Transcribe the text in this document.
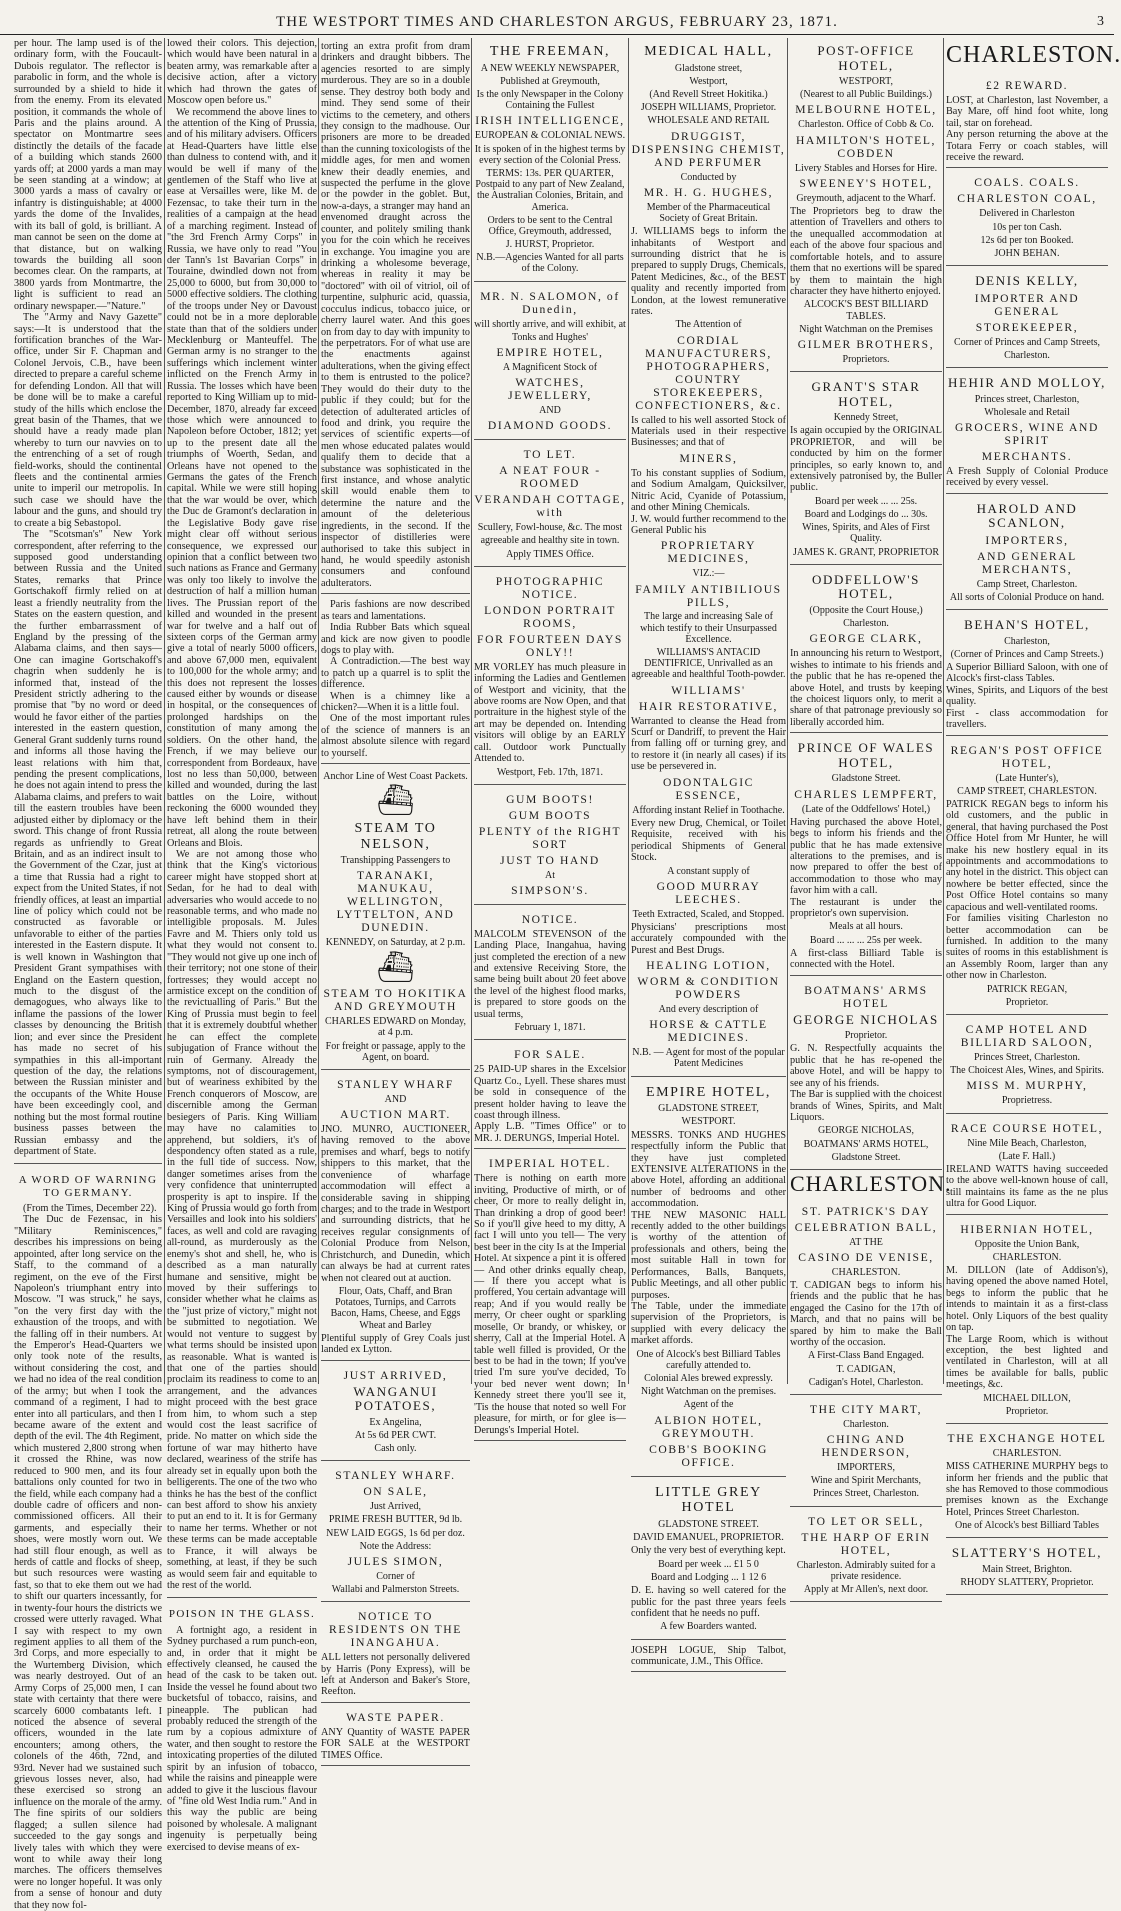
THE WESTPORT TIMES AND CHARLESTON ARGUS, FEBRUARY 23, 1871.	3

per hour. The lamp used is of the ordinary form, with the Foucault-Dubois regulator. The reflector is parabolic in form, and the whole is surrounded by a shield to hide it from the enemy. From its elevated position, it commands the whole of Paris and the plains around. A spectator on Montmartre sees distinctly the details of the facade of a building which stands 2600 yards off; at 2000 yards a man may be seen standing at a window; at 3000 yards a mass of cavalry or infantry is distinguishable; at 4000 yards the dome of the Invalides, with its ball of gold, is brilliant. A man cannot be seen on the dome at that distance, but on walking towards the building all soon becomes clear. On the ramparts, at 3800 yards from Montmartre, the light is sufficient to read an ordinary newspaper.—"Nature."

The "Army and Navy Gazette" says:—It is understood that the fortification branches of the War-office, under Sir F. Chapman and Colonel Jervois, C.B., have been directed to prepare a careful scheme for defending London. All that will be done will be to make a careful study of the hills which enclose the great basin of the Thames, that we should have a ready made plan whereby to turn our navvies on to the entrenching of a set of rough field-works, should the continental fleets and the continental armies unite to imperil our metropolis. In such case we should have the labour and the guns, and should try to create a big Sebastopol.

The "Scotsman's" New York correspondent, after referring to the supposed good understanding between Russia and the United States, remarks that Prince Gortschakoff firmly relied on at least a friendly neutrality from the States on the eastern question, and the further embarrassment of England by the pressing of the Alabama claims, and then says—One can imagine Gortschakoff's chagrin when suddenly he is informed that, instead of the President strictly adhering to the promise that "by no word or deed would he favor either of the parties interested in the eastern question, General Grant suddenly turns round and informs all those having the least relations with him that, pending the present complications, he does not again intend to press the Alabama claims, and prefers to wait till the eastern troubles have been adjusted either by diplomacy or the sword. This change of front Russia regards as unfriendly to Great Britain, and as an indirect insult to the Government of the Czar, just at a time that Russia had a right to expect from the United States, if not friendly offices, at least an impartial line of policy which could not be constructed as favorable or unfavorable to either of the parties interested in the Eastern dispute. It is well known in Washington that President Grant sympathises with England on the Eastern question, much to the disgust of the demagogues, who always like to inflame the passions of the lower classes by denouncing the British lion; and ever since the President has made no secret of his sympathies in this all-important question of the day, the relations between the Russian minister and the occupants of the White House have been exceedingly cool, and nothing but the most formal routine business passes between the Russian embassy and the department of State.

A WORD OF WARNING TO GERMANY.

(From the Times, December 22).

The Duc de Fezensac, in his "Military Reminiscences," describes his impressions on being appointed, after long service on the Staff, to the command of a regiment, on the eve of the First Napoleon's triumphant entry into Moscow. "I was struck," he says, "on the very first day with the exhaustion of the troops, and with the falling off in their numbers. At the Emperor's Head-Quarters we only took note of the results, without considering the cost, and we had no idea of the real condition of the army; but when I took the command of a regiment, I had to enter into all particulars, and then I became aware of the extent and depth of the evil. The 4th Regiment, which mustered 2,800 strong when it crossed the Rhine, was now reduced to 900 men, and its four battalions only counted for two in the field, while each company had a double cadre of officers and non-commissioned officers. All their garments, and especially their shoes, were mostly worn out. We had still flour enough, as well as herds of cattle and flocks of sheep, but such resources were wasting fast, so that to eke them out we had to shift our quarters incessantly, for in twenty-four hours the districts we crossed were utterly ravaged. What I say with respect to my own regiment applies to all them of the 3rd Corps, and more especially to the Wurtemberg Division, which was nearly destroyed. Out of an Army Corps of 25,000 men, I can state with certainty that there were scarcely 6000 combatants left. I noticed the absence of several officers, wounded in the late encounters; among others, the colonels of the 46th, 72nd, and 93rd. Never had we sustained such grievous losses never, also, had these exercised so strong an influence on the morale of the army. The fine spirits of our soldiers flagged; a sullen silence had succeeded to the gay songs and lively tales with which they were wont to while away their long marches. The officers themselves were no longer hopeful. It was only from a sense of honour and duty that they now fol-

lowed their colors. This dejection, which would have been natural in a beaten army, was remarkable after a decisive action, after a victory which had thrown the gates of Moscow open before us."

We recommend the above lines to the attention of the King of Prussia, and of his military advisers. Officers at Head-Quarters have little else than dulness to contend with, and it would be well if many of the gentlemen of the Staff who live at ease at Versailles were, like M. de Fezensac, to take their turn in the realities of a campaign at the head of a marching regiment. Instead of "the 3rd French Army Corps" in Russia, we have only to read "You der Tann's 1st Bavarian Corps" in Touraine, dwindled down not from 25,000 to 6000, but from 30,000 to 5000 effective soldiers. The clothing of the troops under Ney or Davoust could not be in a more deplorable state than that of the soldiers under Mecklenburg or Manteuffel. The German army is no stranger to the sufferings which inclement winter inflicted on the French Army in Russia. The losses which have been reported to King William up to mid-December, 1870, already far exceed those which were announced to Napoleon before October, 1812; yet up to the present date all the triumphs of Woerth, Sedan, and Orleans have not opened to the Germans the gates of the French capital. While we were still hoping that the war would be over, which the Duc de Gramont's declaration in the Legislative Body gave rise might clear off without serious consequence, we expressed our opinion that a conflict between two such nations as France and Germany was only too likely to involve the destruction of half a million human lives. The Prussian report of the killed and wounded in the present war for twelve and a half out of sixteen corps of the German army give a total of nearly 5000 officers, and above 67,000 men, equivalent to 100,000 for the whole army; and this does not represent the losses caused either by wounds or disease in hospital, or the consequences of prolonged hardships on the constitution of many among the soldiers. On the other hand, the French, if we may believe our correspondent from Bordeaux, have lost no less than 50,000, between killed and wounded, during the last battles on the Loire, without reckoning the 6000 wounded they have left behind them in their retreat, all along the route between Orleans and Blois.

We are not among those who think that the King's victorious career might have stopped short at Sedan, for he had to deal with adversaries who would accede to no reasonable terms, and who made no intelligible proposals. M. Jules Favre and M. Thiers only told us what they would not consent to. "They would not give up one inch of their territory; not one stone of their fortresses; they would accept no armistice except on the condition of the revictualling of Paris." But the King of Prussia must begin to feel that it is extremely doubtful whether he can effect the complete subjugation of France without the ruin of Germany. Already the symptoms, not of discouragement, but of weariness exhibited by the French conquerors of Moscow, are discernible among the German besiegers of Paris. King William may have no calamities to apprehend, but soldiers, it's of despondency often stated as a rule, in the full tide of success. Now, danger sometimes arises from the very confidence that uninterrupted prosperity is apt to inspire. If the King of Prussia would go forth from Versailles and look into his soldiers' faces, as well and cold are ravaging all-round, as murderously as the enemy's shot and shell, he, who is described as a man naturally humane and sensitive, might be moved by their sufferings to consider whether what he claims as the "just prize of victory," might not be submitted to negotiation. We would not venture to suggest by what terms should be insisted upon as reasonable. What is wanted is that one of the parties should proclaim its readiness to come to an arrangement, and the advances might proceed with the best grace from him, to whom such a step would cost the least sacrifice of pride. No matter on which side the fortune of war may hitherto have declared, weariness of the strife has already set in equally upon both the belligerents. The one of the two who thinks he has the best of the conflict can best afford to show his anxiety to put an end to it. It is for Germany to name her terms. Whether or not these terms can be made acceptable to France, it will always be something, at least, if they be such as would seem fair and equitable to the rest of the world.

POISON IN THE GLASS.

A fortnight ago, a resident in Sydney purchased a rum punch-eon, and, in order that it might be effectively cleansed, he caused the head of the cask to be taken out. Inside the vessel he found about two bucketsful of tobacco, raisins, and pineapple. The publican had probably reduced the strength of the rum by a copious admixture of water, and then sought to restore the intoxicating properties of the diluted spirit by an infusion of tobacco, while the raisins and pineapple were added to give it the luscious flavour of "fine old West India rum." And in this way the public are being poisoned by wholesale. A malignant ingenuity is perpetually being exercised to devise means of ex-

torting an extra profit from dram drinkers and draught bibbers. The agencies resorted to are simply murderous. They are so in a double sense. They destroy both body and mind. They send some of their victims to the cemetery, and others they consign to the madhouse. Our prisoners are more to be dreaded than the cunning toxicologists of the middle ages, for men and women knew their deadly enemies, and suspected the perfume in the glove or the powder in the goblet. But, now-a-days, a stranger may hand an envenomed draught across the counter, and politely smiling thank you for the coin which he receives in exchange. You imagine you are drinking a wholesome beverage, whereas in reality it may be "doctored" with oil of vitriol, oil of turpentine, sulphuric acid, quassia, cocculus indicus, tobacco juice, or cherry laurel water. And this goes on from day to day with impunity to the perpetrators. For of what use are the enactments against adulterations, when the giving effect to them is entrusted to the police? They would do their duty to the public if they could; but for the detection of adulterated articles of food and drink, you require the services of scientific experts—of men whose educated palates would qualify them to decide that a substance was sophisticated in the first instance, and whose analytic skill would enable them to determine the nature and the amount of the deleterious ingredients, in the second. If the inspector of distilleries were authorised to take this subject in hand, he would speedily astonish consumers and confound adulterators.

Paris fashions are now described as tears and lamentations.

India Rubber Bats which squeal and kick are now given to poodle dogs to play with.

A Contradiction.—The best way to patch up a quarrel is to split the difference.

When is a chimney like a chicken?—When it is a little foul.

One of the most important rules of the science of manners is an almost absolute silence with regard to yourself.

Anchor Line of West Coast Packets.
⛴
STEAM TO NELSON,
Transhipping Passengers to
TARANAKI, MANUKAU, WELLINGTON, LYTTELTON, AND DUNEDIN.
KENNEDY, on Saturday, at 2 p.m.
⛴
STEAM TO HOKITIKA AND GREYMOUTH
CHARLES EDWARD on Monday, at 4 p.m.
For freight or passage, apply to the Agent, on board.
STANLEY WHARF
AND
AUCTION MART.

JNO. MUNRO, AUCTIONEER, having removed to the above premises and wharf, begs to notify shippers to this market, that the convenience of wharfage accommodation will effect a considerable saving in shipping charges; and to the trade in Westport and surrounding districts, that he receives regular consignments of Colonial Produce from Nelson, Christchurch, and Dunedin, which can always be had at current rates when not cleared out at auction.

Flour, Oats, Chaff, and Bran Potatoes, Turnips, and Carrots Bacon, Hams, Cheese, and Eggs Wheat and Barley

Plentiful supply of Grey Coals just landed ex Lytton.

JUST ARRIVED,
WANGANUI POTATOES,
Ex Angelina,
At 5s 6d PER CWT.
Cash only.
STANLEY WHARF.
ON SALE,
Just Arrived,
PRIME FRESH BUTTER, 9d lb.
NEW LAID EGGS, 1s 6d per doz.
Note the Address:
JULES SIMON,
Corner of
Wallabi and Palmerston Streets.
NOTICE TO RESIDENTS ON THE INANGAHUA.

ALL letters not personally delivered by Harris (Pony Express), will be left at Anderson and Baker's Store, Reefton.

WASTE PAPER.

ANY Quantity of WASTE PAPER FOR SALE at the WESTPORT TIMES Office.

THE FREEMAN,
A NEW WEEKLY NEWSPAPER,
Published at Greymouth,
Is the only Newspaper in the Colony Containing the Fullest
IRISH INTELLIGENCE,
EUROPEAN & COLONIAL NEWS.
It is spoken of in the highest terms by every section of the Colonial Press.
TERMS: 13s. PER QUARTER, Postpaid to any part of New Zealand, the Australian Colonies, Britain, and America.
Orders to be sent to the Central Office, Greymouth, addressed,
J. HURST, Proprietor.
N.B.—Agencies Wanted for all parts of the Colony.
MR. N. SALOMON, of Dunedin,
will shortly arrive, and will exhibit, at
Tonks and Hughes'
EMPIRE HOTEL,
A Magnificent Stock of
WATCHES, JEWELLERY,
AND
DIAMOND GOODS.
TO LET.
A NEAT FOUR - ROOMED
VERANDAH COTTAGE, with
Scullery, Fowl-house, &c. The most
agreeable and healthy site in town.
Apply TIMES Office.
PHOTOGRAPHIC NOTICE.
LONDON PORTRAIT ROOMS,
FOR FOURTEEN DAYS ONLY!!

MR VORLEY has much pleasure in informing the Ladies and Gentlemen of Westport and vicinity, that the above rooms are Now Open, and that portraiture in the highest style of the art may be depended on. Intending visitors will oblige by an EARLY call. Outdoor work Punctually Attended to.

Westport, Feb. 17th, 1871.
GUM BOOTS!
GUM BOOTS
PLENTY of the RIGHT SORT
JUST TO HAND
At
SIMPSON'S.
NOTICE.

MALCOLM STEVENSON of the Landing Place, Inangahua, having just completed the erection of a new and extensive Receiving Store, the same being built about 20 feet above the level of the highest flood marks, is prepared to store goods on the usual terms,

February 1, 1871.
FOR SALE.

25 PAID-UP shares in the Excelsior Quartz Co., Lyell. These shares must be sold in consequence of the present holder having to leave the coast through illness.

Apply L.B. "Times Office" or to MR. J. DERUNGS, Imperial Hotel.

IMPERIAL HOTEL.

There is nothing on earth more inviting, Productive of mirth, or of cheer, Or more to really delight in, Than drinking a drop of good beer! So if you'll give heed to my ditty, A fact I will unto you tell— The very best beer in the city Is at the Imperial Hotel. At sixpence a pint it is offered— And other drinks equally cheap,— If there you accept what is proffered, You certain advantage will reap; And if you would really be merry, Or cheer ought or sparkling moselle, Or brandy, or whiskey, or sherry, Call at the Imperial Hotel. A table well filled is provided, Or the best to be had in the town; If you've tried I'm sure you've decided, To your bed never went down; In Kennedy street there you'll see it, 'Tis the house that noted so well For pleasure, for mirth, or for glee is— Derungs's Imperial Hotel.

MEDICAL HALL,
Gladstone street,
Westport,
(And Revell Street Hokitika.)
JOSEPH WILLIAMS, Proprietor.
WHOLESALE AND RETAIL
DRUGGIST, DISPENSING CHEMIST, AND PERFUMER
Conducted by
MR. H. G. HUGHES,
Member of the Pharmaceutical Society of Great Britain.

J. WILLIAMS begs to inform the inhabitants of Westport and surrounding district that he is prepared to supply Drugs, Chemicals, Patent Medicines, &c., of the BEST quality and recently imported from London, at the lowest remunerative rates.

The Attention of
CORDIAL MANUFACTURERS, PHOTOGRAPHERS, COUNTRY STOREKEEPERS, CONFECTIONERS, &c.

Is called to his well assorted Stock of Materials used in their respective Businesses; and that of

MINERS,

To his constant supplies of Sodium, and Sodium Amalgam, Quicksilver, Nitric Acid, Cyanide of Potassium, and other Mining Chemicals.

J. W. would further recommend to the General Public his

PROPRIETARY MEDICINES,
VIZ.:—
FAMILY ANTIBILIOUS PILLS,
The large and increasing Sale of which testify to their Unsurpassed Excellence.
WILLIAMS'S ANTACID DENTIFRICE, Unrivalled as an agreeable and healthful Tooth-powder.
WILLIAMS'
HAIR RESTORATIVE,

Warranted to cleanse the Head from Scurf or Dandriff, to prevent the Hair from falling off or turning grey, and to restore it (in nearly all cases) if its use be persevered in.

ODONTALGIC ESSENCE,
Affording instant Relief in Toothache.

Every new Drug, Chemical, or Toilet Requisite, received with his periodical Shipments of General Stock.

A constant supply of
GOOD MURRAY LEECHES.
Teeth Extracted, Scaled, and Stopped.

Physicians' prescriptions most accurately compounded with the Purest and Best Drugs.

HEALING LOTION,
WORM & CONDITION POWDERS
And every description of
HORSE & CATTLE MEDICINES.
N.B. — Agent for most of the popular Patent Medicines
EMPIRE HOTEL,
GLADSTONE STREET,
WESTPORT.

MESSRS. TONKS AND HUGHES respectfully inform the Public that they have just completed EXTENSIVE ALTERATIONS in the above Hotel, affording an additional number of bedrooms and other accommodation.

THE NEW MASONIC HALL recently added to the other buildings is worthy of the attention of professionals and others, being the most suitable Hall in town for Performances, Balls, Banquets, Public Meetings, and all other public purposes.

The Table, under the immediate supervision of the Proprietors, is supplied with every delicacy the market affords.

One of Alcock's best Billiard Tables carefully attended to.
Colonial Ales brewed expressly.
Night Watchman on the premises.
Agent of the
ALBION HOTEL, GREYMOUTH.
COBB'S BOOKING OFFICE.
LITTLE GREY HOTEL
GLADSTONE STREET.
DAVID EMANUEL, PROPRIETOR.

Only the very best of everything kept.

Board per week ... £1 5 0
Board and Lodging ... 1 12 6

D. E. having so well catered for the public for the past three years feels confident that he needs no puff.

A few Boarders wanted.

JOSEPH LOGUE, Ship Talbot, communicate, J.M., This Office.

POST-OFFICE HOTEL,
WESTPORT,
(Nearest to all Public Buildings.)
MELBOURNE HOTEL,
Charleston. Office of Cobb & Co.
HAMILTON'S HOTEL, COBDEN
Livery Stables and Horses for Hire.
SWEENEY'S HOTEL,
Greymouth, adjacent to the Wharf.

The Proprietors beg to draw the attention of Travellers and others to the unequalled accommodation at each of the above four spacious and comfortable hotels, and to assure them that no exertions will be spared by them to maintain the high character they have hitherto enjoyed.

ALCOCK'S BEST BILLIARD TABLES.
Night Watchman on the Premises
GILMER BROTHERS,
Proprietors.
GRANT'S STAR HOTEL,
Kennedy Street,

Is again occupied by the ORIGINAL PROPRIETOR, and will be conducted by him on the former principles, so early known to, and extensively patronised by, the Buller public.

Board per week ... ... 25s.
Board and Lodgings do ... 30s.
Wines, Spirits, and Ales of First Quality.
JAMES K. GRANT, PROPRIETOR
ODDFELLOW'S HOTEL,
(Opposite the Court House,)
Charleston.
GEORGE CLARK,

In announcing his return to Westport, wishes to intimate to his friends and the public that he has re-opened the above Hotel, and trusts by keeping the choicest liquors only, to merit a share of that patronage previously so liberally accorded him.

PRINCE OF WALES HOTEL,
Gladstone Street.
CHARLES LEMPFERT,
(Late of the Oddfellows' Hotel,)

Having purchased the above Hotel, begs to inform his friends and the public that he has made extensive alterations to the premises, and is now prepared to offer the best of accommodation to those who may favor him with a call.

The restaurant is under the proprietor's own supervision.

Meals at all hours.
Board ... ... ... 25s per week.

A first-class Billiard Table is connected with the Hotel.

BOATMANS' ARMS HOTEL
GEORGE NICHOLAS
Proprietor.

G. N. Respectfully acquaints the public that he has re-opened the above Hotel, and will be happy to see any of his friends.

The Bar is supplied with the choicest brands of Wines, Spirits, and Malt Liquors.

GEORGE NICHOLAS,
BOATMANS' ARMS HOTEL,
Gladstone Street.
CHARLESTON.
ST. PATRICK'S DAY
CELEBRATION BALL,
AT THE
CASINO DE VENISE,
CHARLESTON.

T. CADIGAN begs to inform his friends and the public that he has engaged the Casino for the 17th of March, and that no pains will be spared by him to make the Ball worthy of the occasion.

A First-Class Band Engaged.
T. CADIGAN,
Cadigan's Hotel, Charleston.
THE CITY MART,
Charleston.
CHING AND HENDERSON,
IMPORTERS,
Wine and Spirit Merchants,
Princes Street, Charleston.
TO LET OR SELL,
THE HARP OF ERIN HOTEL,
Charleston. Admirably suited for a private residence.
Apply at Mr Allen's, next door.
CHARLESTON.
£2 REWARD.

LOST, at Charleston, last November, a Bay Mare, off hind foot white, long tail, star on forehead.

Any person returning the above at the Totara Ferry or coach stables, will receive the reward.

COALS. COALS.
CHARLESTON COAL,
Delivered in Charleston
10s per ton Cash.
12s 6d per ton Booked.
JOHN BEHAN.
DENIS KELLY,
IMPORTER AND GENERAL
STOREKEEPER,
Corner of Princes and Camp Streets,
Charleston.
HEHIR AND MOLLOY,
Princes street, Charleston,
Wholesale and Retail
GROCERS, WINE AND SPIRIT
MERCHANTS.

A Fresh Supply of Colonial Produce received by every vessel.

HAROLD AND SCANLON,
IMPORTERS,
AND GENERAL MERCHANTS,
Camp Street, Charleston.
All sorts of Colonial Produce on hand.
BEHAN'S HOTEL,
Charleston,
(Corner of Princes and Camp Streets.)

A Superior Billiard Saloon, with one of Alcock's first-class Tables.

Wines, Spirits, and Liquors of the best quality.

First - class accommodation for travellers.

REGAN'S POST OFFICE HOTEL,
(Late Hunter's),
CAMP STREET, CHARLESTON.

PATRICK REGAN begs to inform his old customers, and the public in general, that having purchased the Post Office Hotel from Mr Hunter, he will make his new hostlery equal in its appointments and accommodations to any hotel in the district. This object can nowhere be better effected, since the Post Office Hotel contains so many capacious and well-ventilated rooms.

For families visiting Charleston no better accommodation can be furnished. In addition to the many suites of rooms in this establishment is an Assembly Room, larger than any other now in Charleston.

PATRICK REGAN,
Proprietor.
CAMP HOTEL AND BILLIARD SALOON,
Princes Street, Charleston.
The Choicest Ales, Wines, and Spirits.
MISS M. MURPHY,
Proprietress.
RACE COURSE HOTEL,
Nine Mile Beach, Charleston,
(Late F. Hall.)

IRELAND WATTS having succeeded to the above well-known house of call, still maintains its fame as the ne plus ultra for Good Liquor.

HIBERNIAN HOTEL,
Opposite the Union Bank,
CHARLESTON.

M. DILLON (late of Addison's), having opened the above named Hotel, begs to inform the public that he intends to maintain it as a first-class hotel. Only Liquors of the best quality on tap.

The Large Room, which is without exception, the best lighted and ventilated in Charleston, will at all times be available for balls, public meetings, &c.

MICHAEL DILLON,
Proprietor.
THE EXCHANGE HOTEL
CHARLESTON.

MISS CATHERINE MURPHY begs to inform her friends and the public that she has Removed to those commodious premises known as the Exchange Hotel, Princes Street Charleston.

One of Alcock's best Billiard Tables
SLATTERY'S HOTEL,
Main Street, Brighton.
RHODY SLATTERY, Proprietor.
